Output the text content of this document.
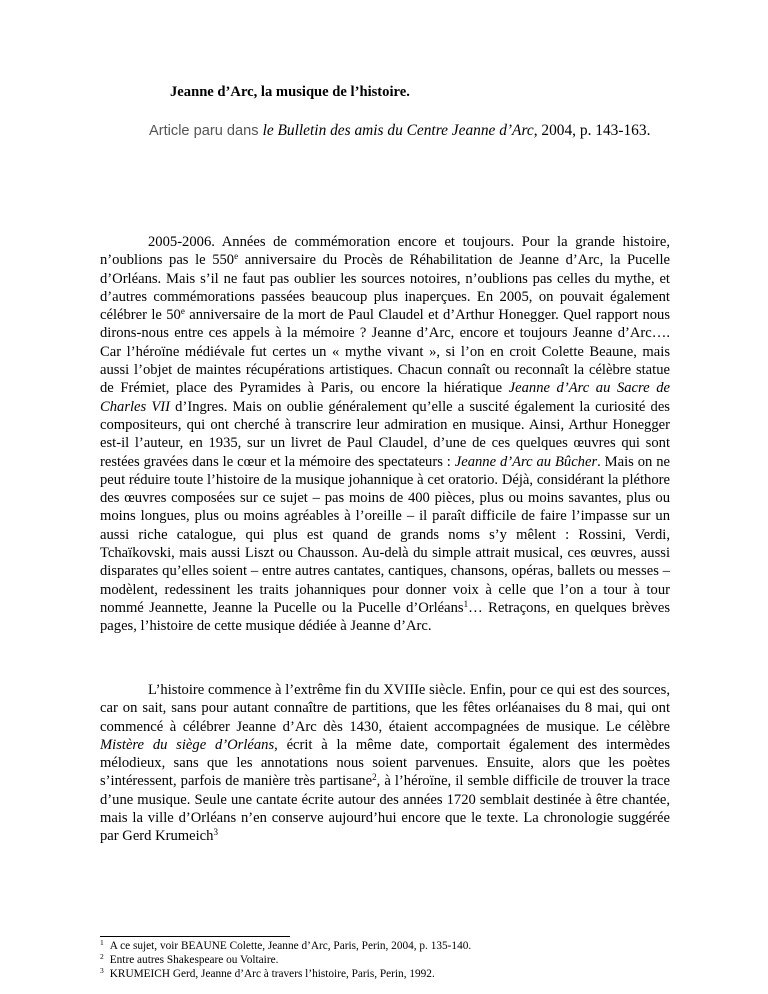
Jeanne d’Arc, la musique de l’histoire.

Article paru dans le Bulletin des amis du Centre Jeanne d’Arc, 2004, p. 143-163.

2005-2006. Années de commémoration encore et toujours. Pour la grande histoire, n’oublions pas le 550e anniversaire du Procès de Réhabilitation de Jeanne d’Arc, la Pucelle d’Orléans. Mais s’il ne faut pas oublier les sources notoires, n’oublions pas celles du mythe, et d’autres commémorations passées beaucoup plus inaperçues. En 2005, on pouvait également célébrer le 50e anniversaire de la mort de Paul Claudel et d’Arthur Honegger. Quel rapport nous dirons-nous entre ces appels à la mémoire ? Jeanne d’Arc, encore et toujours Jeanne d’Arc…. Car l’héroïne médiévale fut certes un « mythe vivant », si l’on en croit Colette Beaune, mais aussi l’objet de maintes récupérations artistiques. Chacun connaît ou reconnaît la célèbre statue de Frémiet, place des Pyramides à Paris, ou encore la hiératique Jeanne d’Arc au Sacre de Charles VII d’Ingres. Mais on oublie généralement qu’elle a suscité également la curiosité des compositeurs, qui ont cherché à transcrire leur admiration en musique. Ainsi, Arthur Honegger est-il l’auteur, en 1935, sur un livret de Paul Claudel, d’une de ces quelques œuvres qui sont restées gravées dans le cœur et la mémoire des spectateurs : Jeanne d’Arc au Bûcher. Mais on ne peut réduire toute l’histoire de la musique johannique à cet oratorio. Déjà, considérant la pléthore des œuvres composées sur ce sujet – pas moins de 400 pièces, plus ou moins savantes, plus ou moins longues, plus ou moins agréables à l’oreille – il paraît difficile de faire l’impasse sur un aussi riche catalogue, qui plus est quand de grands noms s’y mêlent : Rossini, Verdi, Tchaïkovski, mais aussi Liszt ou Chausson. Au-delà du simple attrait musical, ces œuvres, aussi disparates qu’elles soient – entre autres cantates, cantiques, chansons, opéras, ballets ou messes – modèlent, redessinent les traits johanniques pour donner voix à celle que l’on a tour à tour nommé Jeannette, Jeanne la Pucelle ou la Pucelle d’Orléans$^1$… Retraçons, en quelques brèves pages, l’histoire de cette musique dédiée à Jeanne d’Arc.

L’histoire commence à l’extrême fin du XVIIIe siècle. Enfin, pour ce qui est des sources, car on sait, sans pour autant connaître de partitions, que les fêtes orléanaises du 8 mai, qui ont commencé à célébrer Jeanne d’Arc dès 1430, étaient accompagnées de musique. Le célèbre Mistère du siège d’Orléans, écrit à la même date, comportait également des intermèdes mélodieux, sans que les annotations nous soient parvenues. Ensuite, alors que les poètes s’intéressent, parfois de manière très partisane$^2$, à l’héroïne, il semble difficile de trouver la trace d’une musique. Seule une cantate écrite autour des années 1720 semblait destinée à être chantée, mais la ville d’Orléans n’en conserve aujourd’hui encore que le texte. La chronologie suggérée par Gerd Krumeich$^3$

$^1$ A ce sujet, voir BEAUNE Colette, Jeanne d’Arc, Paris, Perin, 2004, p. 135-140.
$^2$ Entre autres Shakespeare ou Voltaire.
$^3$ KRUMEICH Gerd, Jeanne d’Arc à travers l’histoire, Paris, Perin, 1992.
